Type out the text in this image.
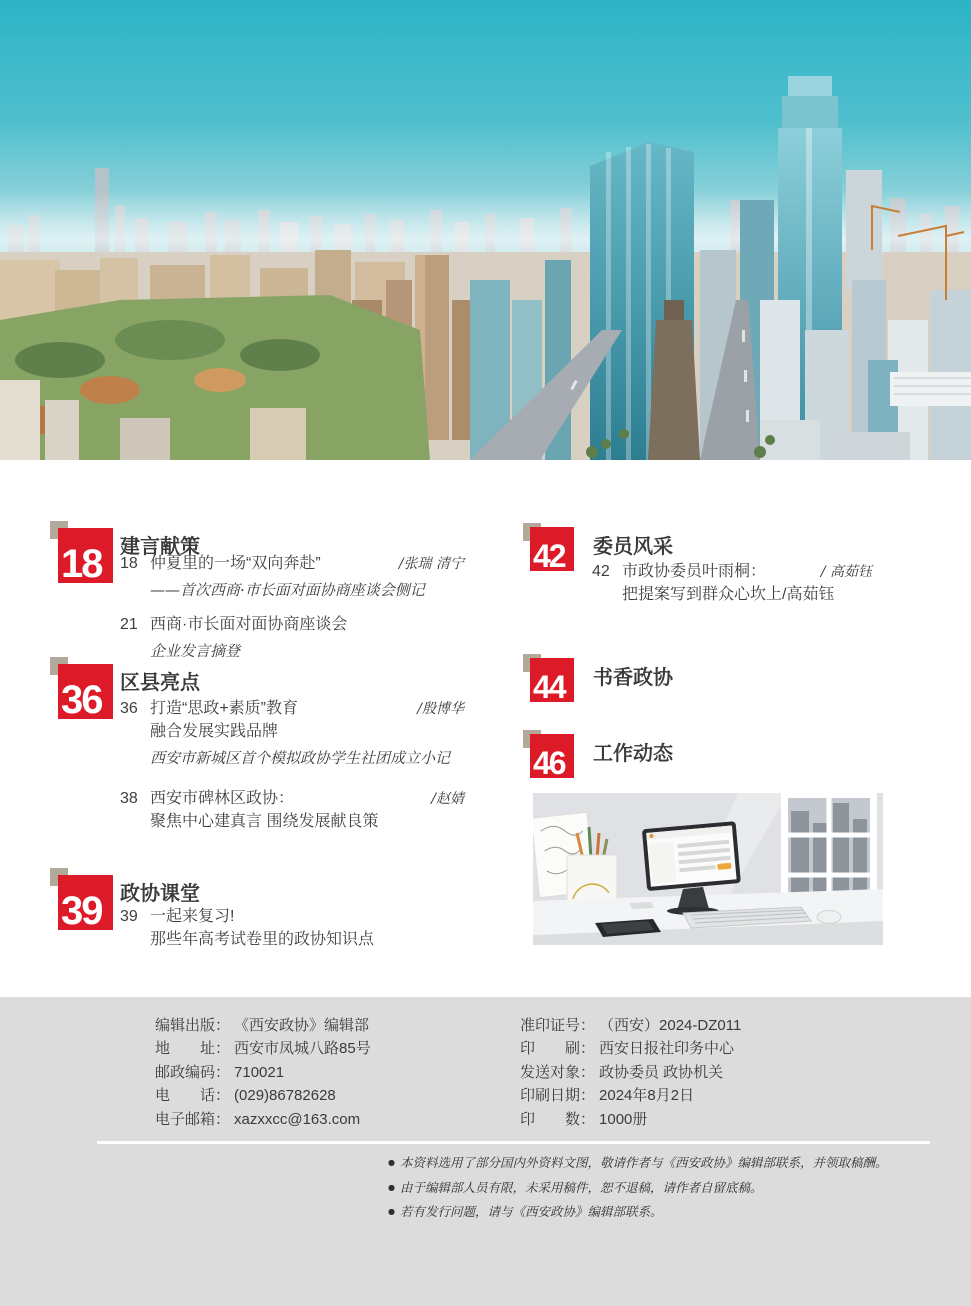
18 建言献策
18 仲夏里的一场“双向奔赴”	/张瑞 清宁
——首次西商·市长面对面协商座谈会侧记
21 西商·市长面对面协商座谈会
企业发言摘登
36 区县亮点
36 打造“思政+素质”教育	/殷博华
融合发展实践品牌
西安市新城区首个模拟政协学生社团成立小记
38 西安市碑林区政协：	/赵婧
聚焦中心建真言 围绕发展献良策
39 政协课堂
39 一起来复习!
那些年高考试卷里的政协知识点
42 委员风采
42 市政协委员叶雨桐：	/ 高茹钰
把提案写到群众心坎上/高茹钰
44 书香政协
46 工作动态
编辑出版： 《西安政协》编辑部
地　　址： 西安市凤城八路85号
邮政编码： 710021
电　　话： (029)86782628
电子邮箱： xazxxcc@163.com
准印证号： （西安）2024-DZ011
印　　刷： 西安日报社印务中心
发送对象： 政协委员 政协机关
印刷日期： 2024年8月2日
印　　数： 1000册
● 本资料选用了部分国内外资料文图，敬请作者与《西安政协》编辑部联系，并领取稿酬。
● 由于编辑部人员有限，未采用稿件，恕不退稿，请作者自留底稿。
● 若有发行问题，请与《西安政协》编辑部联系。
